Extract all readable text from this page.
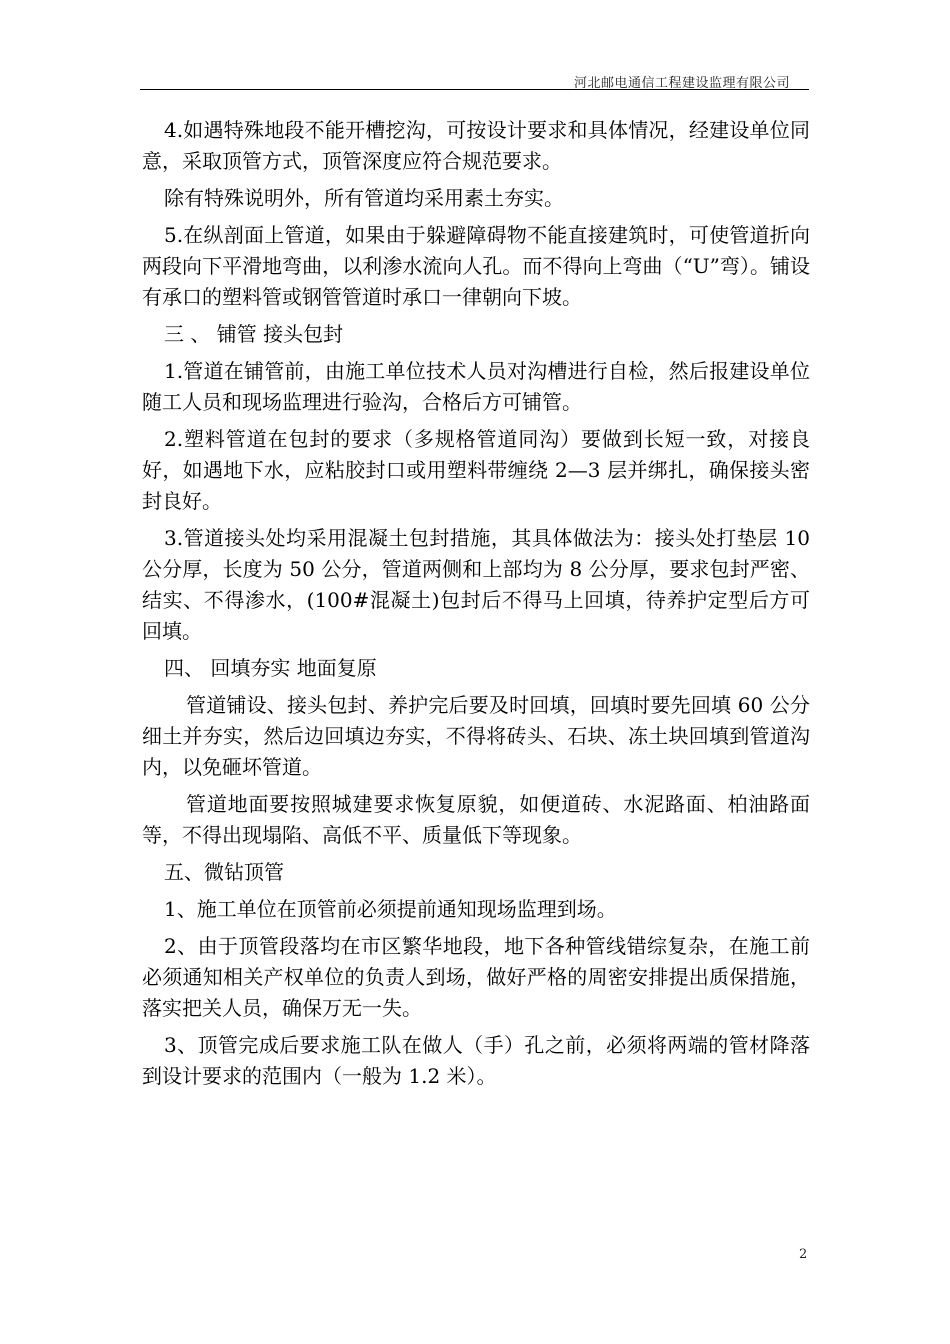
河北邮电通信工程建设监理有限公司

4.如遇特殊地段不能开槽挖沟，可按设计要求和具体情况，经建设单位同意，采取顶管方式，顶管深度应符合规范要求。

除有特殊说明外，所有管道均采用素土夯实。

5.在纵剖面上管道，如果由于躲避障碍物不能直接建筑时，可使管道折向两段向下平滑地弯曲，以利渗水流向人孔。而不得向上弯曲（“U”弯）。铺设有承口的塑料管或钢管管道时承口一律朝向下坡。

三 、 铺管 接头包封

1.管道在铺管前，由施工单位技术人员对沟槽进行自检，然后报建设单位随工人员和现场监理进行验沟，合格后方可铺管。

2.塑料管道在包封的要求（多规格管道同沟）要做到长短一致，对接良好，如遇地下水，应粘胶封口或用塑料带缠绕 2—3 层并绑扎，确保接头密封良好。

3.管道接头处均采用混凝土包封措施，其具体做法为：接头处打垫层 10 公分厚，长度为 50 公分，管道两侧和上部均为 8 公分厚，要求包封严密、结实、不得渗水，(100#混凝土)包封后不得马上回填，待养护定型后方可回填。

四、 回填夯实 地面复原

管道铺设、接头包封、养护完后要及时回填，回填时要先回填 60 公分细土并夯实，然后边回填边夯实，不得将砖头、石块、冻土块回填到管道沟内，以免砸坏管道。

管道地面要按照城建要求恢复原貌，如便道砖、水泥路面、柏油路面等，不得出现塌陷、高低不平、质量低下等现象。

五、微钻顶管

1、施工单位在顶管前必须提前通知现场监理到场。

2、由于顶管段落均在市区繁华地段，地下各种管线错综复杂，在施工前必须通知相关产权单位的负责人到场，做好严格的周密安排提出质保措施，落实把关人员，确保万无一失。

3、顶管完成后要求施工队在做人（手）孔之前，必须将两端的管材降落到设计要求的范围内（一般为 1.2 米）。

2
